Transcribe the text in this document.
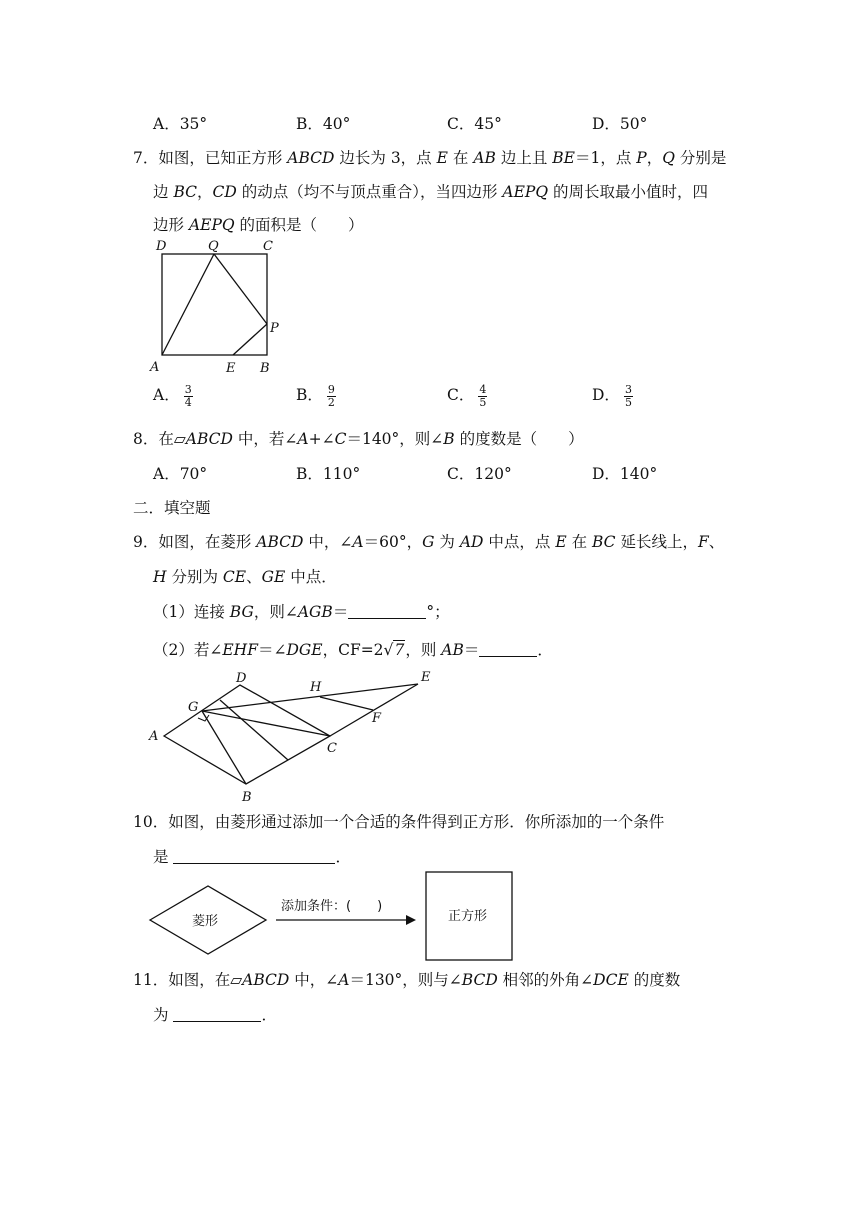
A．35°	B．40°	C．45°	D．50°
7．如图，已知正方形 ABCD 边长为 3，点 E 在 AB 边上且 BE＝1，点 P，Q 分别是
边 BC，CD 的动点（均不与顶点重合），当四边形 AEPQ 的周长取最小值时，四
边形 AEPQ 的面积是（　　）
D	Q	C
P
A	E B
A． $\frac{3}{4}$	B． $\frac{9}{2}$	C． $\frac{4}{5}$	D． $\frac{3}{5}$
8．在▱ABCD 中，若∠A+∠C＝140°，则∠B 的度数是（　　）
A．70°	B．110°	C．120°	D．140°
二．填空题
9．如图，在菱形 ABCD 中，∠A＝60°，G 为 AD 中点，点 E 在 BC 延长线上，F、
H 分别为 CE、GE 中点．
（1）连接 BG，则∠AGB＝	°；
（2）若∠EHF＝∠DGE，CF=2√7，则 AB＝	．
D
H
E
G
F
A
C
B
10．如图，由菱形通过添加一个合适的条件得到正方形．你所添加的一个条件
是	．
菱形
添加条件：(　　)
正方形
11．如图，在▱ABCD 中，∠A＝130°，则与∠BCD 相邻的外角∠DCE 的度数
为	．
